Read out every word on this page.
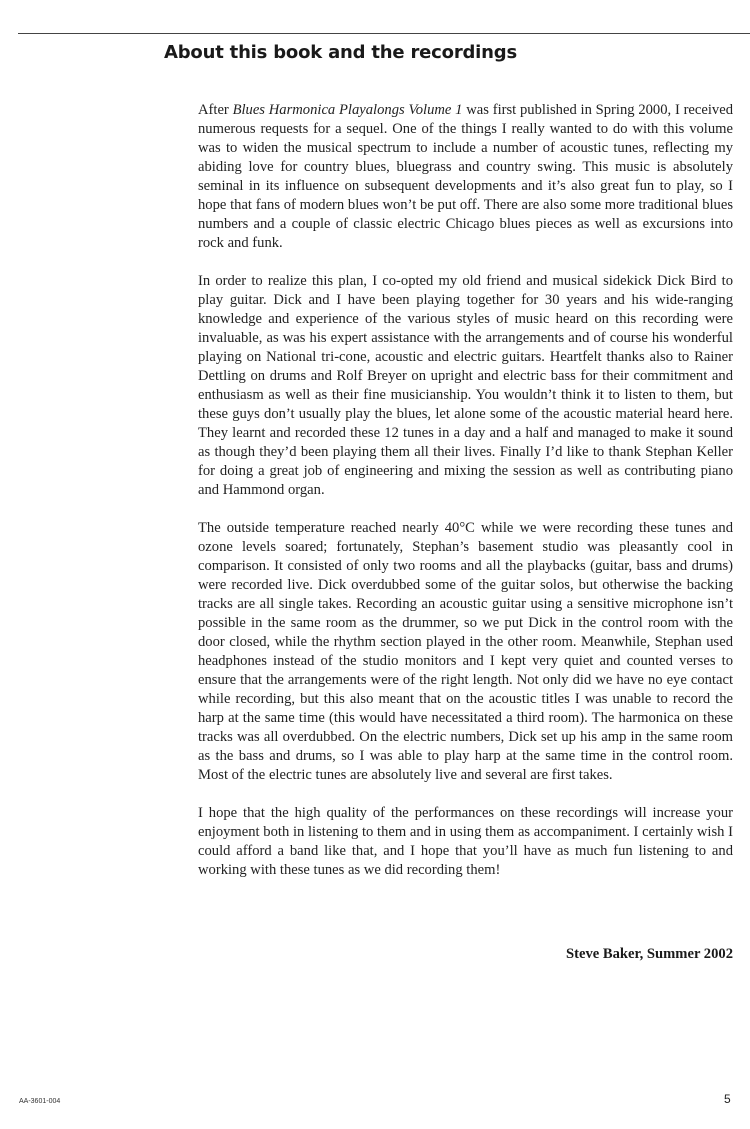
About this book and the recordings

After Blues Harmonica Playalongs Volume 1 was first published in Spring 2000, I received numerous requests for a sequel. One of the things I really wanted to do with this volume was to widen the musical spectrum to include a number of acoustic tunes, reflecting my abiding love for country blues, bluegrass and country swing. This music is absolutely seminal in its influence on subsequent developments and it’s also great fun to play, so I hope that fans of modern blues won’t be put off. There are also some more traditional blues numbers and a couple of classic electric Chicago blues pieces as well as excursions into rock and funk.

In order to realize this plan, I co-opted my old friend and musical sidekick Dick Bird to play guitar. Dick and I have been playing together for 30 years and his wide-ranging knowledge and experience of the various styles of music heard on this recording were invaluable, as was his expert assistance with the arrangements and of course his wonderful playing on National tri-cone, acoustic and electric guitars. Heartfelt thanks also to Rainer Dettling on drums and Rolf Breyer on upright and electric bass for their commitment and enthusiasm as well as their fine musicianship. You wouldn’t think it to listen to them, but these guys don’t usually play the blues, let alone some of the acoustic material heard here. They learnt and recorded these 12 tunes in a day and a half and managed to make it sound as though they’d been playing them all their lives. Finally I’d like to thank Stephan Keller for doing a great job of engineering and mixing the session as well as contributing piano and Hammond organ.

The outside temperature reached nearly 40°C while we were recording these tunes and ozone levels soared; fortunately, Stephan’s basement studio was pleasantly cool in comparison. It consisted of only two rooms and all the playbacks (guitar, bass and drums) were recorded live. Dick overdubbed some of the guitar solos, but otherwise the backing tracks are all single takes. Recording an acoustic guitar using a sensitive microphone isn’t possible in the same room as the drummer, so we put Dick in the control room with the door closed, while the rhythm section played in the other room. Meanwhile, Stephan used headphones instead of the studio monitors and I kept very quiet and counted verses to ensure that the arrangements were of the right length. Not only did we have no eye contact while recording, but this also meant that on the acoustic titles I was unable to record the harp at the same time (this would have necessitated a third room). The harmonica on these tracks was all overdubbed. On the electric numbers, Dick set up his amp in the same room as the bass and drums, so I was able to play harp at the same time in the control room. Most of the electric tunes are absolutely live and several are first takes.

I hope that the high quality of the performances on these recordings will increase your enjoyment both in listening to them and in using them as accompaniment. I certainly wish I could afford a band like that, and I hope that you’ll have as much fun listening to and working with these tunes as we did recording them!

Steve Baker, Summer 2002
AA-3601-004	5
